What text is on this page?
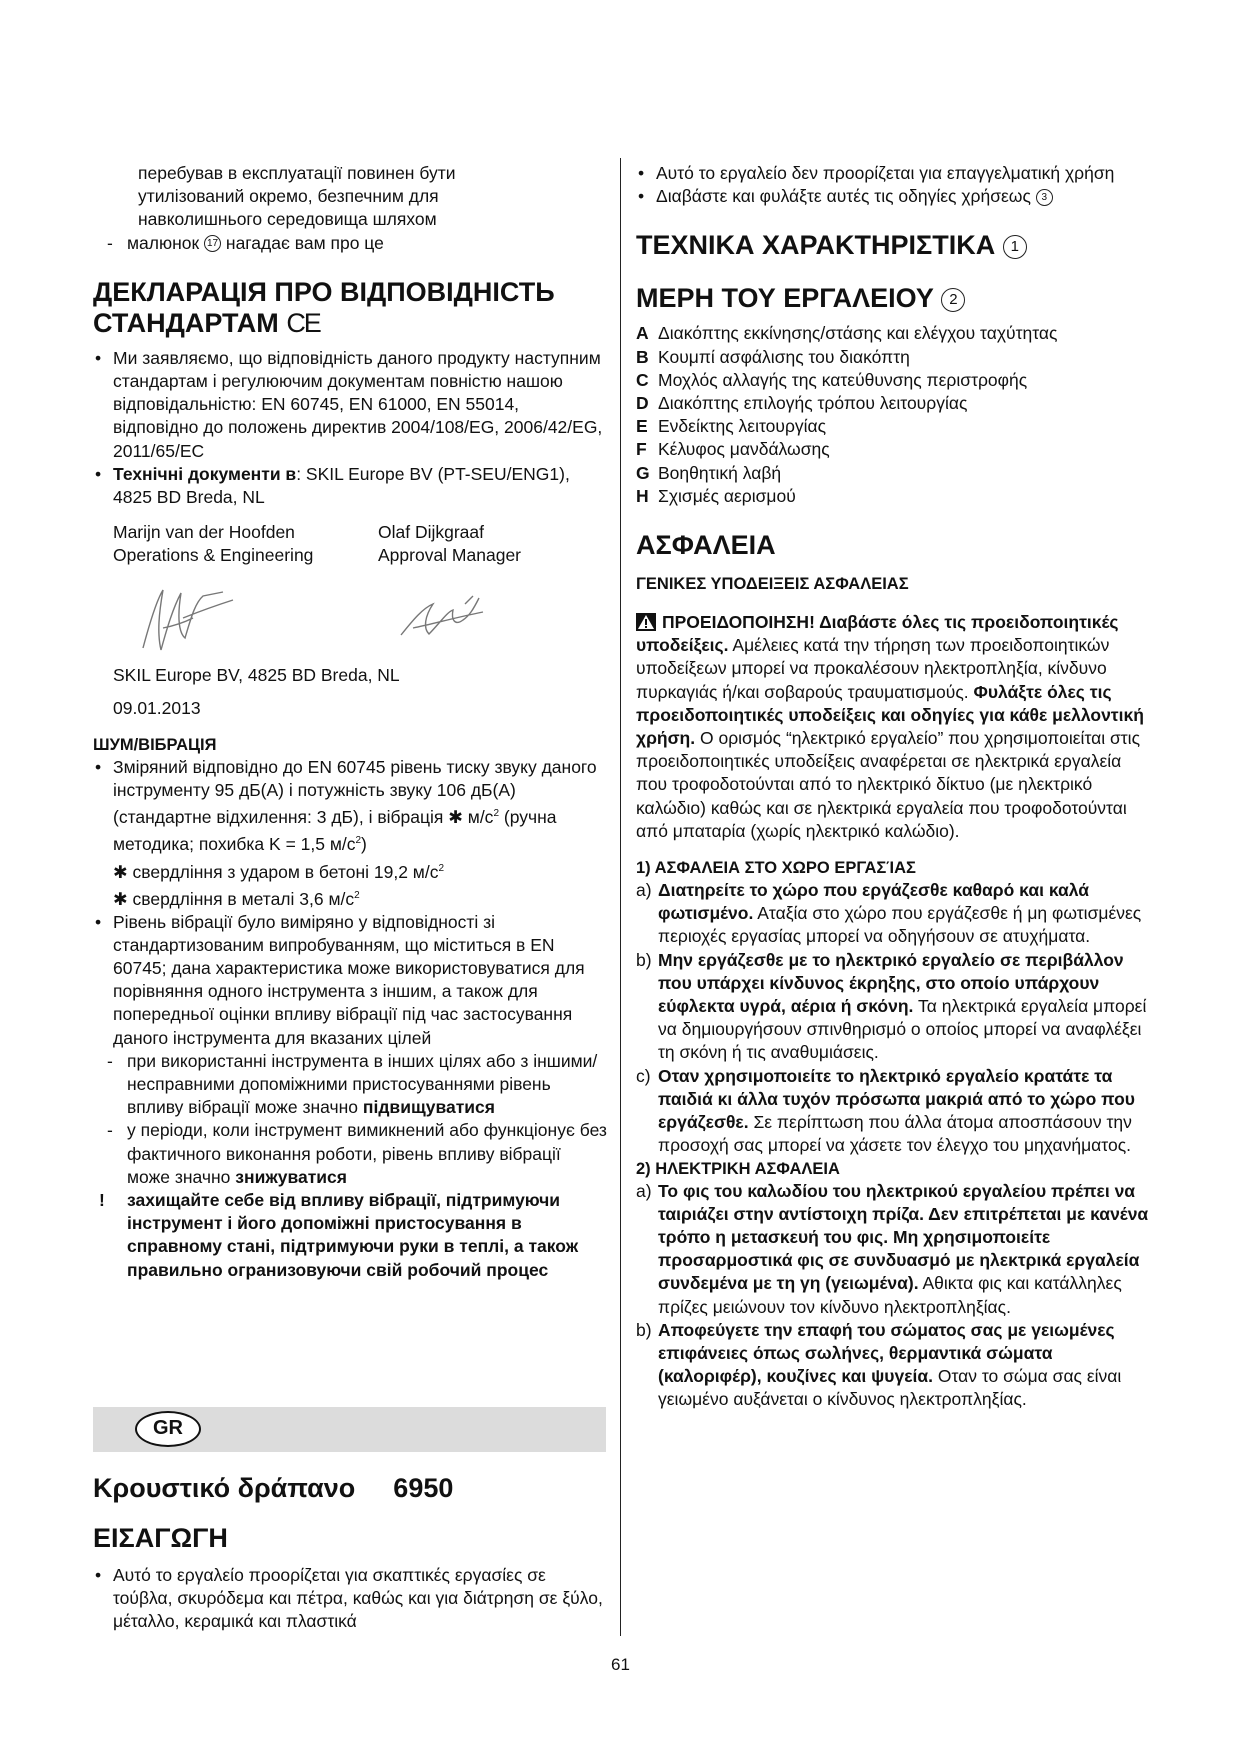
перебував в експлуатації повинен бути
утилізований окремо, безпечним для
навколишнього середовища шляхом

- малюнок 17 нагадає вам про це

ДЕКЛАРАЦІЯ ПРО ВІДПОВІДНІСТЬ
СТАНДАРТАМ CE

• Ми заявляємо, що відповідність даного продукту наступним стандартам і регулюючим документам повністю нашою відповідальністю: EN 60745, EN 61000, EN 55014, відповідно до положень директив 2004/108/EG, 2006/42/EG, 2011/65/EC

• Технічні документи в: SKIL Europe BV (PT-SEU/ENG1), 4825 BD Breda, NL

Marijn van der Hoofden
Operations & Engineering
Olaf Dijkgraaf
Approval Manager

SKIL Europe BV, 4825 BD Breda, NL

09.01.2013

ШУМ/ВІБРАЦІЯ

• Зміряний відповідно до EN 60745 рівень тиску звуку даного інструменту 95 дБ(A) і потужність звуку 106 дБ(A) (стандартне відхилення: 3 дБ), і вібрація ✱ $м/с^2$ (ручна методика; похибка K = 1,5 $м/с^2$)
✱ свердління з ударом в бетоні 19,2 $м/с^2$
✱ свердління в металі 3,6 $м/с^2$

• Рівень вібрації було виміряно у відповідності зі стандартизованим випробуванням, що міститься в EN 60745; дана характеристика може використовуватися для порівняння одного інструмента з іншим, а також для попередньої оцінки впливу вібрації під час застосування даного інструмента для вказаних цілей

- при використанні інструмента в інших цілях або з іншими/несправними допоміжними пристосуваннями рівень впливу вібрації може значно підвищуватися

- у періоди, коли інструмент вимикнений або функціонує без фактичного виконання роботи, рівень впливу вібрації може значно знижуватися

! захищайте себе від впливу вібрації, підтримуючи інструмент і його допоміжні пристосування в справному стані, підтримуючи руки в теплі, а також правильно огранизовуючи свій робочий процес

GR
Κρουστικό δράπανο 6950

ΕΙΣΑΓΩΓΗ

• Αυτό το εργαλείο προορίζεται για σκαπτικές εργασίες σε τούβλα, σκυρόδεμα και πέτρα, καθώς και για διάτρηση σε ξύλο, μέταλλο, κεραμικά και πλαστικά

• Αυτό το εργαλείο δεν προορίζεται για επαγγελματική χρήση

• Διαβάστε και φυλάξτε αυτές τις οδηγίες χρήσεως 3

ΤΕΧΝΙΚΑ ΧΑΡΑΚΤΗΡΙΣΤΙΚΑ 1

ΜΕΡΗ ΤΟΥ ΕΡΓΑΛΕΙΟΥ 2

A Διακόπτης εκκίνησης/στάσης και ελέγχου ταχύτητας

B Κουμπί ασφάλισης του διακόπτη

C Μοχλός αλλαγής της κατεύθυνσης περιστροφής

D Διακόπτης επιλογής τρόπου λειτουργίας

E Ενδείκτης λειτουργίας

F Κέλυφος μανδάλωσης

G Βοηθητική λαβή

H Σχισμές αερισμού

ΑΣΦΑΛΕΙΑ

ΓΕΝΙΚΕΣ ΥΠΟΔΕΙΞΕΙΣ ΑΣΦΑΛΕΙΑΣ

ΠΡΟΕΙΔΟΠΟΙΗΣΗ! Διαβάστε όλες τις προειδοποιητικές υποδείξεις. Αμέλειες κατά την τήρηση των προειδοποιητικών υποδείξεων μπορεί να προκαλέσουν ηλεκτροπληξία, κίνδυνο πυρκαγιάς ή/και σοβαρούς τραυματισμούς. Φυλάξτε όλες τις προειδοποιητικές υποδείξεις και οδηγίες για κάθε μελλοντική χρήση. Ο ορισμός “ηλεκτρικό εργαλείο” που χρησιμοποιείται στις προειδοποιητικές υποδείξεις αναφέρεται σε ηλεκτρικά εργαλεία που τροφοδοτούνται από το ηλεκτρικό δίκτυο (με ηλεκτρικό καλώδιο) καθώς και σε ηλεκτρικά εργαλεία που τροφοδοτούνται από μπαταρία (χωρίς ηλεκτρικό καλώδιο).

1) ΑΣΦΑΛΕΙΑ ΣΤΟ ΧΩΡΟ ΕΡΓΑΣΊΑΣ

a) Διατηρείτε το χώρο που εργάζεσθε καθαρό και καλά φωτισμένο. Αταξία στο χώρο που εργάζεσθε ή μη φωτισμένες περιοχές εργασίας μπορεί να οδηγήσουν σε ατυχήματα.

b) Μην εργάζεσθε με το ηλεκτρικό εργαλείο σε περιβάλλον που υπάρχει κίνδυνος έκρηξης, στο οποίο υπάρχουν εύφλεκτα υγρά, αέρια ή σκόνη. Τα ηλεκτρικά εργαλεία μπορεί να δημιουργήσουν σπινθηρισμό ο οποίος μπορεί να αναφλέξει τη σκόνη ή τις αναθυμιάσεις.

c) Οταν χρησιμοποιείτε το ηλεκτρικό εργαλείο κρατάτε τα παιδιά κι άλλα τυχόν πρόσωπα μακριά από το χώρο που εργάζεσθε. Σε περίπτωση που άλλα άτομα αποσπάσουν την προσοχή σας μπορεί να χάσετε τον έλεγχο του μηχανήματος.

2) ΗΛΕΚΤΡΙΚΗ ΑΣΦΑΛΕΙΑ

a) Το φις του καλωδίου του ηλεκτρικού εργαλείου πρέπει να ταιριάζει στην αντίστοιχη πρίζα. Δεν επιτρέπεται με κανένα τρόπο η μετασκευή του φις. Μη χρησιμοποιείτε προσαρμοστικά φις σε συνδυασμό με ηλεκτρικά εργαλεία συνδεμένα με τη γη (γειωμένα). Αθικτα φις και κατάλληλες πρίζες μειώνουν τον κίνδυνο ηλεκτροπληξίας.

b) Αποφεύγετε την επαφή του σώματος σας με γειωμένες επιφάνειες όπως σωλήνες, θερμαντικά σώματα (καλοριφέρ), κουζίνες και ψυγεία. Οταν το σώμα σας είναι γειωμένο αυξάνεται ο κίνδυνος ηλεκτροπληξίας.

61
